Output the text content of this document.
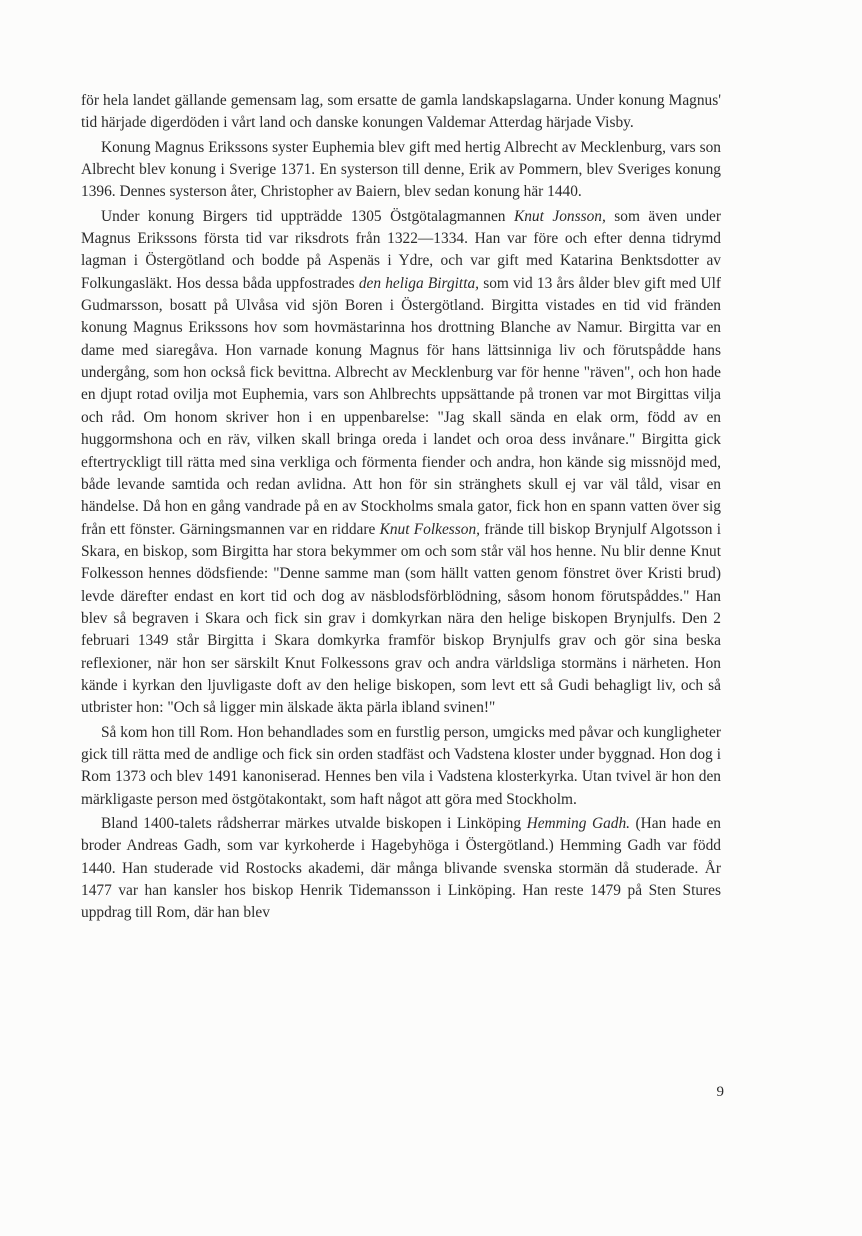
för hela landet gällande gemensam lag, som ersatte de gamla landskapslagarna. Under konung Magnus' tid härjade digerdöden i vårt land och danske konungen Valdemar Atterdag härjade Visby.

Konung Magnus Erikssons syster Euphemia blev gift med hertig Albrecht av Mecklenburg, vars son Albrecht blev konung i Sverige 1371. En systerson till denne, Erik av Pommern, blev Sveriges konung 1396. Dennes systerson åter, Christopher av Baiern, blev sedan konung här 1440.

Under konung Birgers tid uppträdde 1305 Östgötalagmannen Knut Jonsson, som även under Magnus Erikssons första tid var riksdrots från 1322—1334. Han var före och efter denna tidrymd lagman i Östergötland och bodde på Aspenäs i Ydre, och var gift med Katarina Benktsdotter av Folkungasläkt. Hos dessa båda uppfostrades den heliga Birgitta, som vid 13 års ålder blev gift med Ulf Gudmarsson, bosatt på Ulvåsa vid sjön Boren i Östergötland. Birgitta vistades en tid vid fränden konung Magnus Erikssons hov som hovmästarinna hos drottning Blanche av Namur. Birgitta var en dame med siaregåva. Hon varnade konung Magnus för hans lättsinniga liv och förutspådde hans undergång, som hon också fick bevittna. Albrecht av Mecklenburg var för henne "räven", och hon hade en djupt rotad ovilja mot Euphemia, vars son Ahlbrechts uppsättande på tronen var mot Birgittas vilja och råd. Om honom skriver hon i en uppenbarelse: "Jag skall sända en elak orm, född av en huggormshona och en räv, vilken skall bringa oreda i landet och oroa dess invånare." Birgitta gick eftertryckligt till rätta med sina verkliga och förmenta fiender och andra, hon kände sig missnöjd med, både levande samtida och redan avlidna. Att hon för sin stränghets skull ej var väl tåld, visar en händelse. Då hon en gång vandrade på en av Stockholms smala gator, fick hon en spann vatten över sig från ett fönster. Gärningsmannen var en riddare Knut Folkesson, frände till biskop Brynjulf Algotsson i Skara, en biskop, som Birgitta har stora bekymmer om och som står väl hos henne. Nu blir denne Knut Folkesson hennes dödsfiende: "Denne samme man (som hällt vatten genom fönstret över Kristi brud) levde därefter endast en kort tid och dog av näsblodsförblödning, såsom honom förutspåddes." Han blev så begraven i Skara och fick sin grav i domkyrkan nära den helige biskopen Brynjulfs. Den 2 februari 1349 står Birgitta i Skara domkyrka framför biskop Brynjulfs grav och gör sina beska reflexioner, när hon ser särskilt Knut Folkessons grav och andra världsliga stormäns i närheten. Hon kände i kyrkan den ljuvligaste doft av den helige biskopen, som levt ett så Gudi behagligt liv, och så utbrister hon: "Och så ligger min älskade äkta pärla ibland svinen!"

Så kom hon till Rom. Hon behandlades som en furstlig person, umgicks med påvar och kungligheter gick till rätta med de andlige och fick sin orden stadfäst och Vadstena kloster under byggnad. Hon dog i Rom 1373 och blev 1491 kanoniserad. Hennes ben vila i Vadstena klosterkyrka. Utan tvivel är hon den märkligaste person med östgötakontakt, som haft något att göra med Stockholm.

Bland 1400-talets rådsherrar märkes utvalde biskopen i Linköping Hemming Gadh. (Han hade en broder Andreas Gadh, som var kyrkoherde i Hagebyhöga i Östergötland.) Hemming Gadh var född 1440. Han studerade vid Rostocks akademi, där många blivande svenska stormän då studerade. År 1477 var han kansler hos biskop Henrik Tidemansson i Linköping. Han reste 1479 på Sten Stures uppdrag till Rom, där han blev

9
